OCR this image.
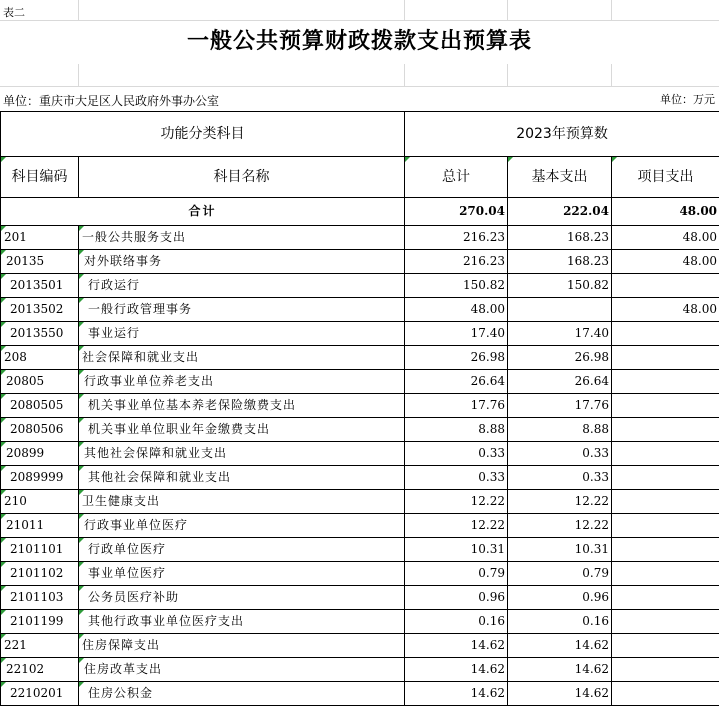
表二
一般公共预算财政拨款支出预算表
单位：重庆市大足区人民政府外事办公室	单位：万元
功能分类科目		2023年预算数		
科目编码	科目名称	总计	基本支出	项目支出
合计		270.04	222.04	48.00
201	一般公共服务支出	216.23	168.23	48.00
20135	对外联络事务	216.23	168.23	48.00
2013501	行政运行	150.82	150.82	
2013502	一般行政管理事务	48.00		48.00
2013550	事业运行	17.40	17.40	
208	社会保障和就业支出	26.98	26.98	
20805	行政事业单位养老支出	26.64	26.64	
2080505	机关事业单位基本养老保险缴费支出	17.76	17.76	
2080506	机关事业单位职业年金缴费支出	8.88	8.88	
20899	其他社会保障和就业支出	0.33	0.33	
2089999	其他社会保障和就业支出	0.33	0.33	
210	卫生健康支出	12.22	12.22	
21011	行政事业单位医疗	12.22	12.22	
2101101	行政单位医疗	10.31	10.31	
2101102	事业单位医疗	0.79	0.79	
2101103	公务员医疗补助	0.96	0.96	
2101199	其他行政事业单位医疗支出	0.16	0.16	
221	住房保障支出	14.62	14.62	
22102	住房改革支出	14.62	14.62	
2210201	住房公积金	14.62	14.62	
